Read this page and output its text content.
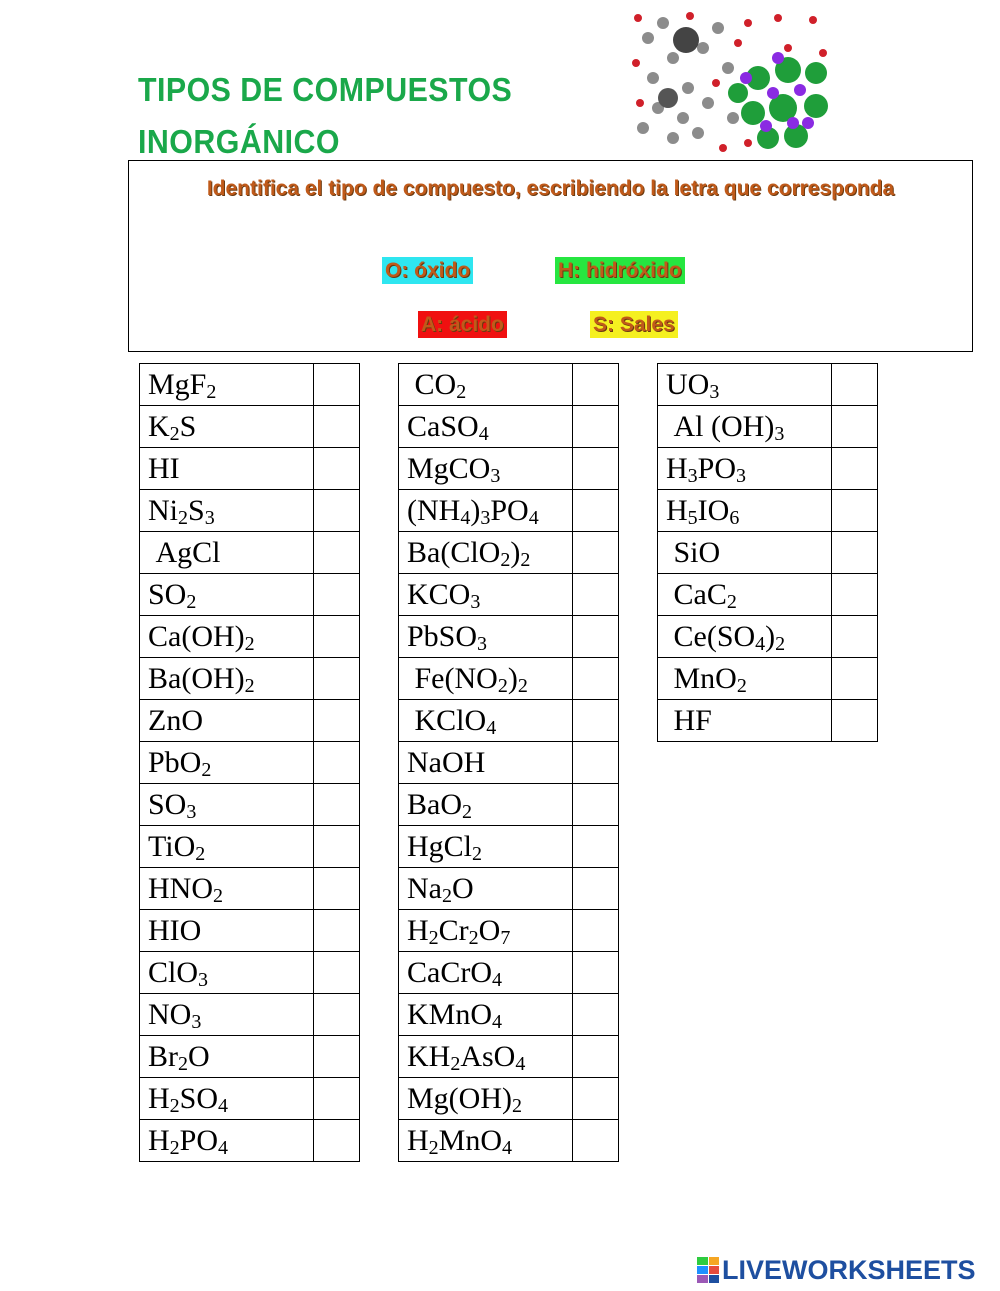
TIPOS DE COMPUESTOS
INORGÁNICO
Identifica el tipo de compuesto, escribiendo la letra que corresponda
O: óxido	H: hidróxido
A: ácido	S: Sales
MgF$_2$	
$K_2S$	
HI	
$Ni_2S_3$	
AgCl	
$SO_2$	
$Ca(OH)_2$	
$Ba(OH)_2$	
ZnO	
PbO$_2$	
$SO_3$	
TiO$_2$	
$HNO_2$	
HIO	
ClO$_3$	
$NO_3$	
$Br_2O$	
$H_2SO_4$	
$H_2PO_4$	
$CO_2$	
CaSO$_4$	
MgCO$_3$	
$(NH_4)_3PO_4$	
$Ba(ClO_2)_2$	
$KCO_3$	
PbSO$_3$	
$Fe(NO_2)_2$	
KClO$_4$	
NaOH	
BaO$_2$	
HgCl$_2$	
$Na_2O$	
$H_2Cr_2O_7$	
CaCrO$_4$	
KMnO$_4$	
$KH_2AsO_4$	
$Mg(OH)_2$	
$H_2MnO_4$	
$UO_3$	
Al $(OH)_3$	
$H_3PO_3$	
$H_5IO_6$	
SiO	
CaC$_2$	
$Ce(SO_4)_2$	
MnO$_2$	
HF	
LIVEWORKSHEETS
